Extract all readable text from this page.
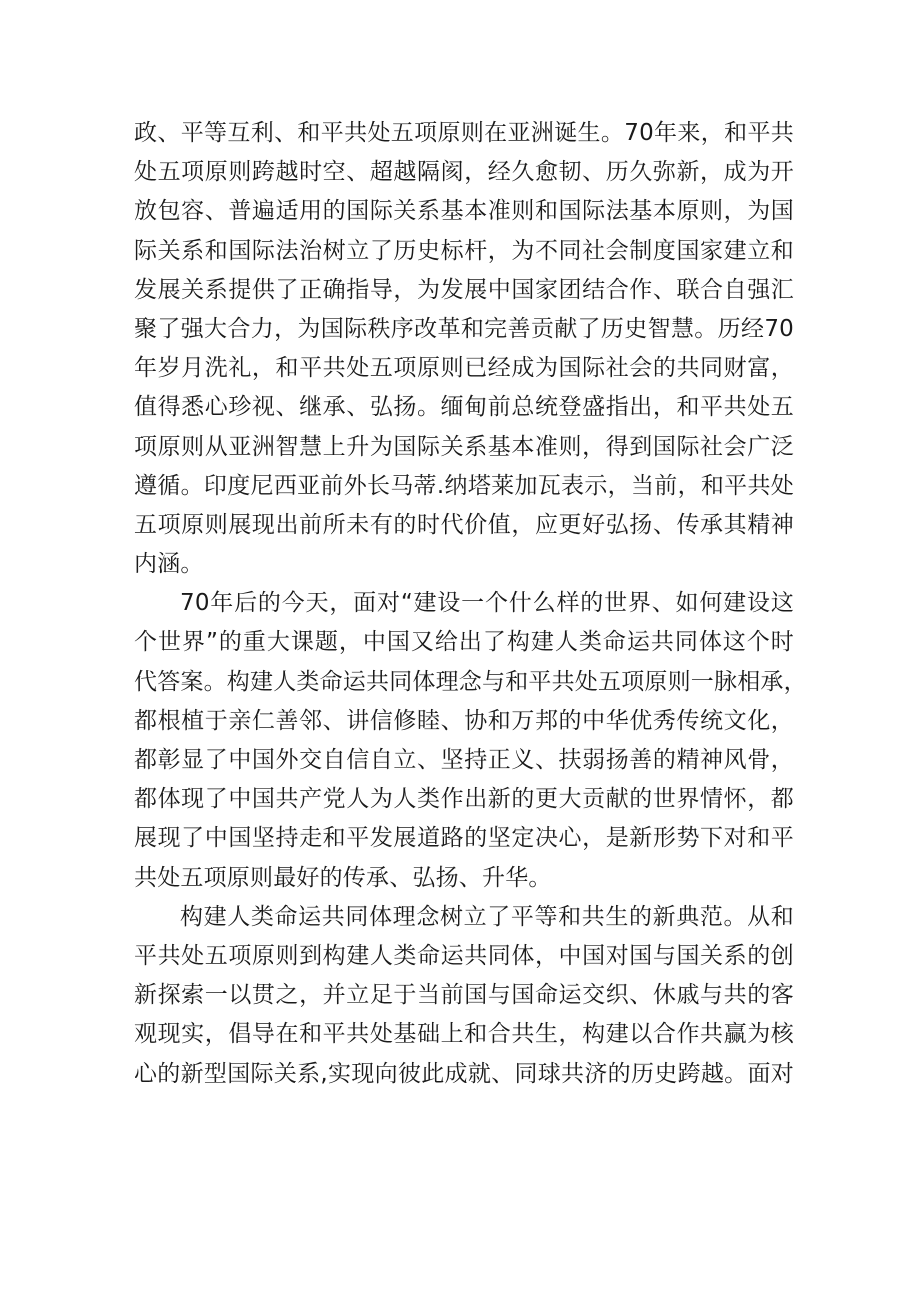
政、平等互利、和平共处五项原则在亚洲诞生。70年来，和平共
处五项原则跨越时空、超越隔阂，经久愈韧、历久弥新，成为开
放包容、普遍适用的国际关系基本准则和国际法基本原则，为国
际关系和国际法治树立了历史标杆，为不同社会制度国家建立和
发展关系提供了正确指导，为发展中国家团结合作、联合自强汇
聚了强大合力，为国际秩序改革和完善贡献了历史智慧。历经70
年岁月洗礼，和平共处五项原则已经成为国际社会的共同财富，
值得悉心珍视、继承、弘扬。缅甸前总统登盛指出，和平共处五
项原则从亚洲智慧上升为国际关系基本准则，得到国际社会广泛
遵循。印度尼西亚前外长马蒂.纳塔莱加瓦表示，当前，和平共处
五项原则展现出前所未有的时代价值，应更好弘扬、传承其精神
内涵。
70年后的今天，面对“建设一个什么样的世界、如何建设这
个世界”的重大课题，中国又给出了构建人类命运共同体这个时
代答案。构建人类命运共同体理念与和平共处五项原则一脉相承，
都根植于亲仁善邻、讲信修睦、协和万邦的中华优秀传统文化，
都彰显了中国外交自信自立、坚持正义、扶弱扬善的精神风骨，
都体现了中国共产党人为人类作出新的更大贡献的世界情怀，都
展现了中国坚持走和平发展道路的坚定决心，是新形势下对和平
共处五项原则最好的传承、弘扬、升华。
构建人类命运共同体理念树立了平等和共生的新典范。从和
平共处五项原则到构建人类命运共同体，中国对国与国关系的创
新探索一以贯之，并立足于当前国与国命运交织、休戚与共的客
观现实，倡导在和平共处基础上和合共生，构建以合作共赢为核
心的新型国际关系,实现向彼此成就、同球共济的历史跨越。面对
